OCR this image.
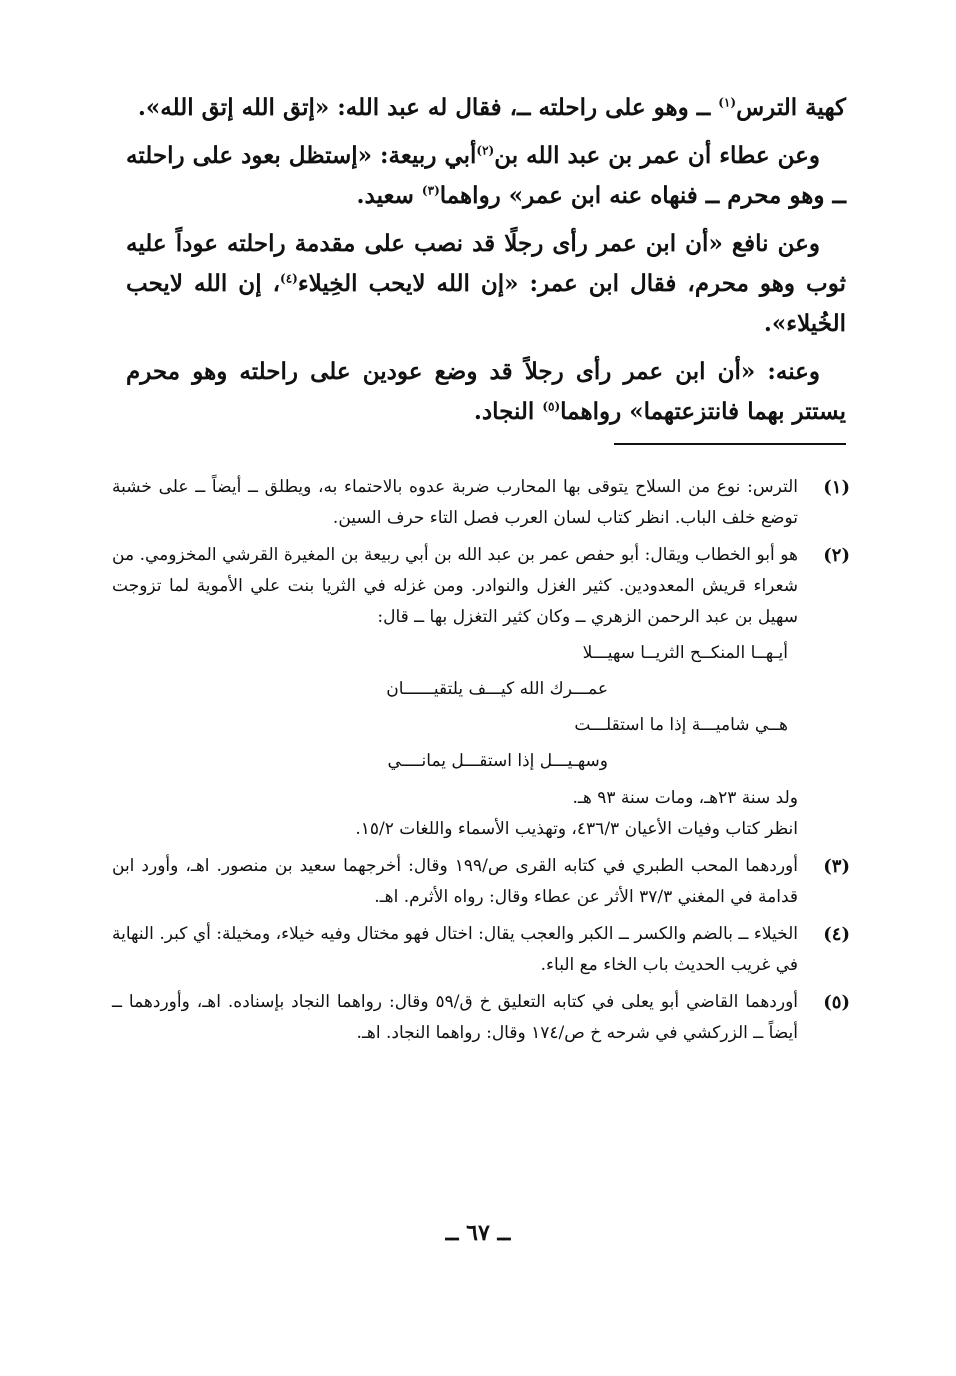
كهية الترس$^{(١)}$ ــ وهو على راحلته ــ، فقال له عبد الله: «إتق الله إتق الله».

وعن عطاء أن عمر بن عبد الله بن$^{(٢)}$أبي ربيعة: «إستظل بعود على راحلته ــ وهو محرم ــ فنهاه عنه ابن عمر» رواهما$^{(٣)}$ سعيد.

وعن نافع «أن ابن عمر رأى رجلًا قد نصب على مقدمة راحلته عوداً عليه ثوب وهو محرم، فقال ابن عمر: «إن الله لايحب الخِيلاء$^{(٤)}$، إن الله لايحب الخُيلاء».

وعنه: «أن ابن عمر رأى رجلاً قد وضع عودين على راحلته وهو محرم يستتر بهما فانتزعتهما» رواهما$^{(٥)}$ النجاد.

(١)

الترس: نوع من السلاح يتوقى بها المحارب ضربة عدوه بالاحتماء به، ويطلق ــ أيضاً ــ على خشبة توضع خلف الباب. انظر كتاب لسان العرب فصل التاء حرف السين.

(٢)

هو أبو الخطاب ويقال: أبو حفص عمر بن عبد الله بن أبي ربيعة بن المغيرة القرشي المخزومي. من شعراء قريش المعدودين. كثير الغزل والنوادر. ومن غزله في الثريا بنت علي الأموية لما تزوجت سهيل بن عبد الرحمن الزهري ــ وكان كثير التغزل بها ــ قال:

أيـهــا المنكــح الثريــا سهيـــلا
عمـــرك الله كيـــف يلتقيــــــان
هــي شاميـــة إذا ما استقلـــت
وسهـيـــل إذا استقـــل يمانــــي

ولد سنة ٢٣هـ، ومات سنة ٩٣ هـ.

انظر كتاب وفيات الأعيان ٤٣٦/٣، وتهذيب الأسماء واللغات ١٥/٢.

(٣)

أوردهما المحب الطبري في كتابه القرى ص/١٩٩ وقال: أخرجهما سعيد بن منصور. اهـ، وأورد ابن قدامة في المغني ٣٧/٣ الأثر عن عطاء وقال: رواه الأثرم. اهـ.

(٤)

الخيلاء ــ بالضم والكسر ــ الكبر والعجب يقال: اختال فهو مختال وفيه خيلاء، ومخيلة: أي كبر. النهاية في غريب الحديث باب الخاء مع الباء.

(٥)

أوردهما القاضي أبو يعلى في كتابه التعليق خ ق/٥٩ وقال: رواهما النجاد بإسناده. اهـ، وأوردهما ــ أيضاً ــ الزركشي في شرحه خ ص/١٧٤ وقال: رواهما النجاد. اهـ.

ــ ٦٧ ــ
